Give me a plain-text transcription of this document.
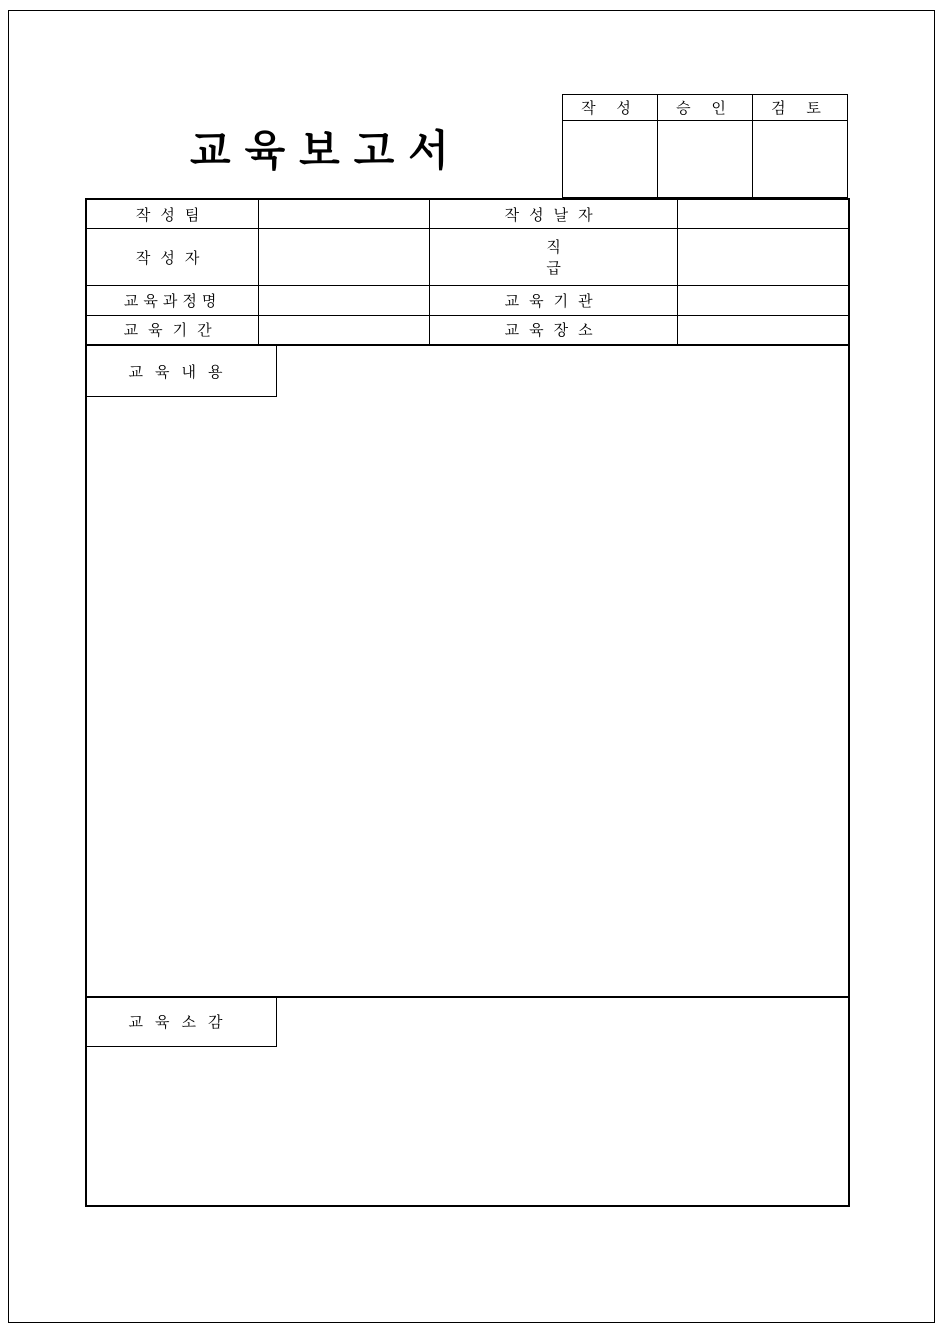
교육보고서
작 성	승 인	검 토

작성팀		작성날자	
작성자		직 급	
교육과정명		교육기관	
교육기간		교육장소	
교육내용
교육소감
